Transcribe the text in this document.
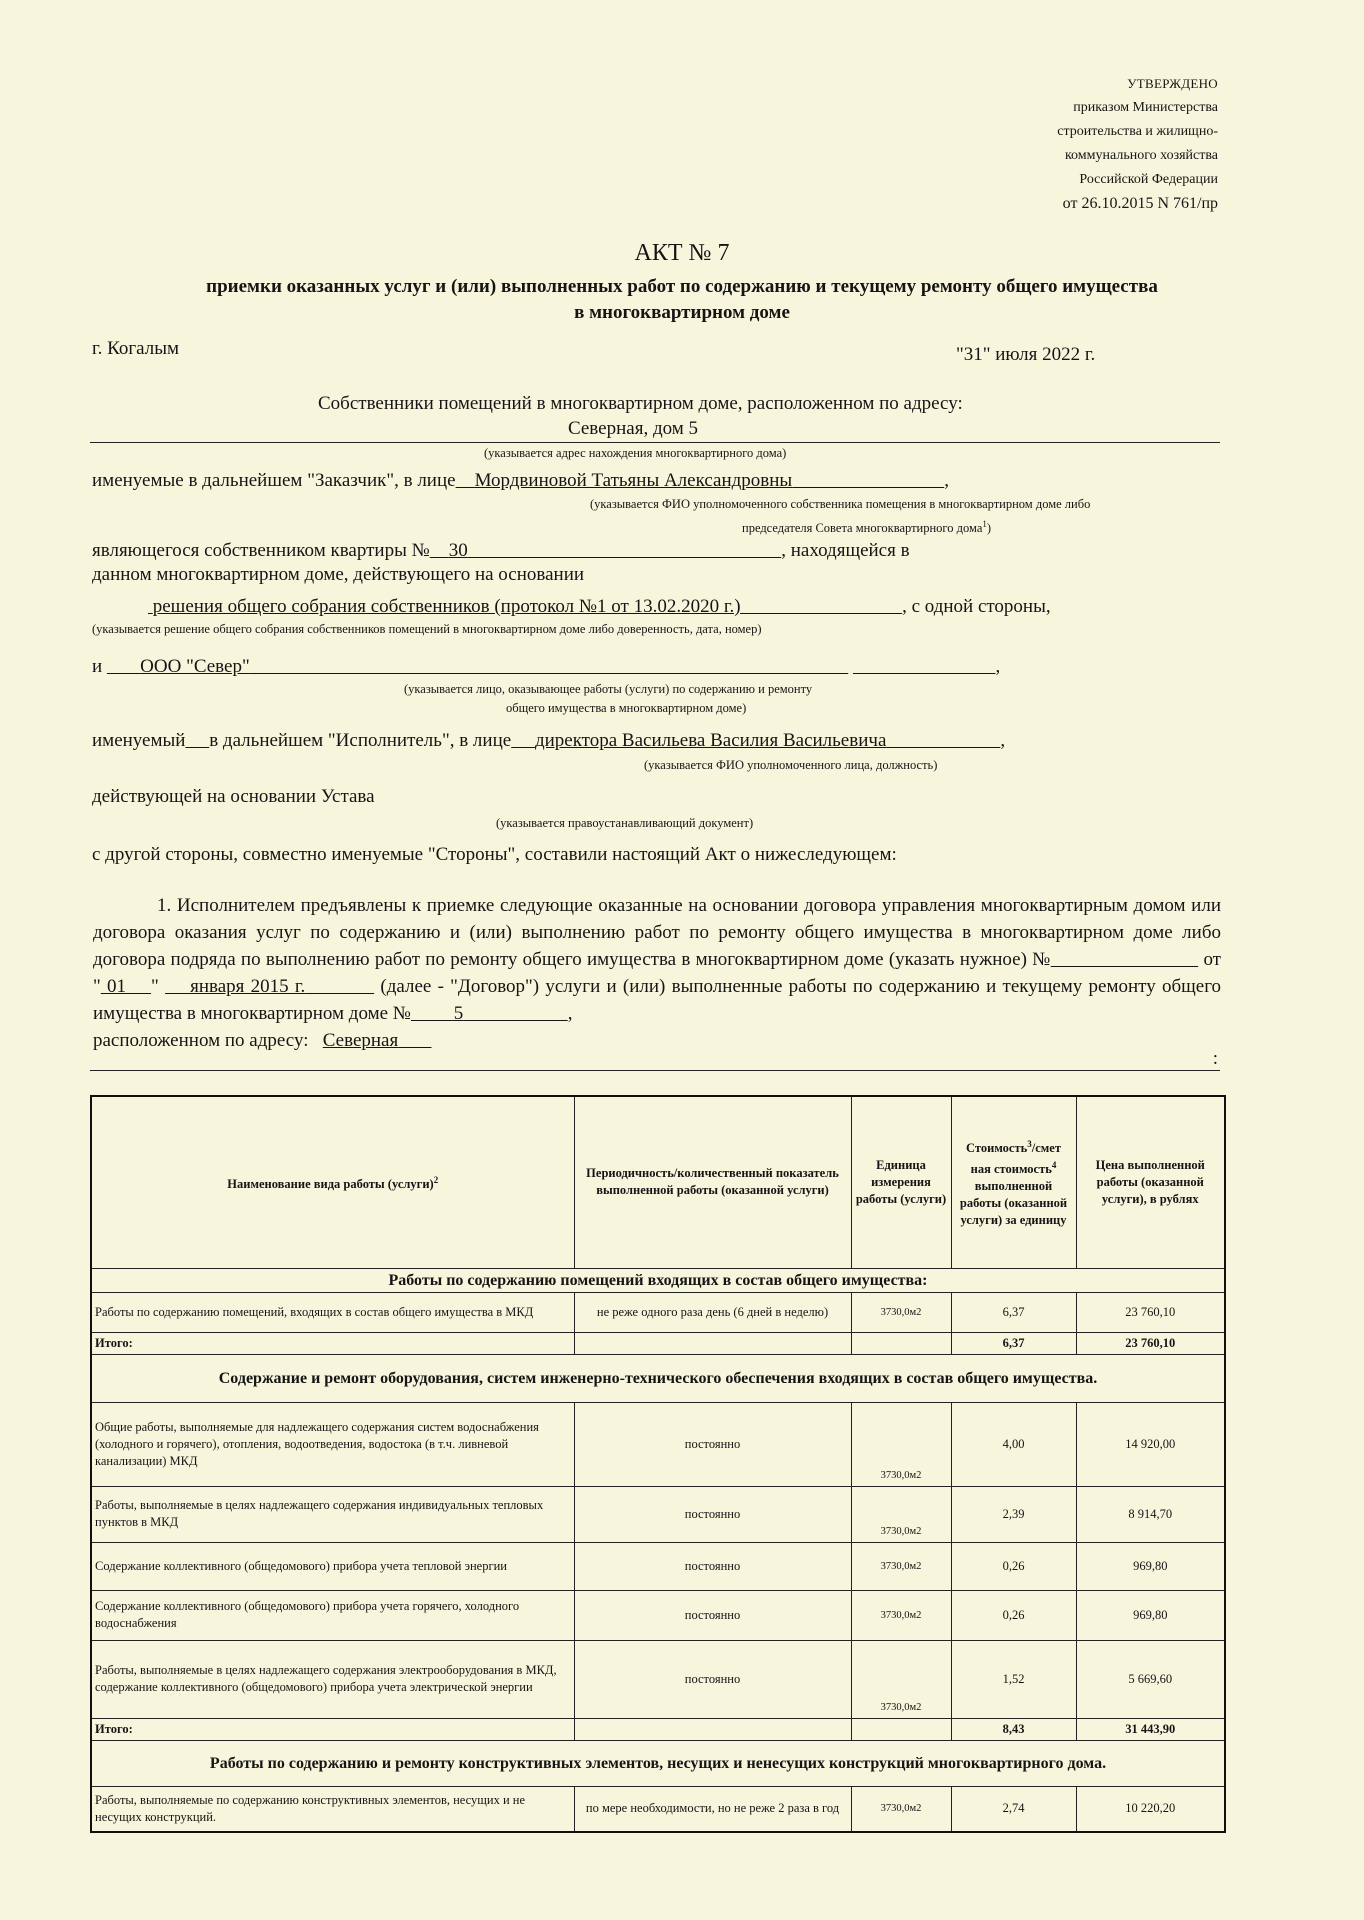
УТВЕРЖДЕНО
приказом Министерства
строительства и жилищно-
коммунального хозяйства
Российской Федерации
от 26.10.2015 N 761/пр
АКТ № 7
приемки оказанных услуг и (или) выполненных работ по содержанию и текущему ремонту общего имущества
в многоквартирном доме
г. Когалым	"31" июля 2022 г.
Собственники помещений в многоквартирном доме, расположенном по адресу:
Северная, дом 5
(указывается адрес нахождения многоквартирного дома)
именуемые в дальнейшем "Заказчик", в лице Мордвиновой Татьяны Александровны	,
(указывается ФИО уполномоченного собственника помещения в многоквартирном доме либо
председателя Совета многоквартирного дома$^1$)
являющегося собственником квартиры № 30	, находящейся в
данном многоквартирном доме, действующего на основании
решения общего собрания собственников (протокол №1 от 13.02.2020 г.)	, с одной стороны,
(указывается решение общего собрания собственников помещений в многоквартирном доме либо доверенность, дата, номер)
и ООО "Север"	,
(указывается лицо, оказывающее работы (услуги) по содержанию и ремонту
общего имущества в многоквартирном доме)
именуемый в дальнейшем "Исполнитель", в лице директора Васильева Василия Васильевича	,
(указывается ФИО уполномоченного лица, должность)
действующей на основании Устава
(указывается правоустанавливающий документ)
с другой стороны, совместно именуемые "Стороны", составили настоящий Акт о нижеследующем:

1. Исполнителем предъявлены к приемке следующие оказанные на основании договора управления многоквартирным домом или договора оказания услуг по содержанию и (или) выполнению работ по ремонту общего имущества в многоквартирном доме либо договора подряда по выполнению работ по ремонту общего имущества в многоквартирном доме (указать нужное) №	от " 01 " января 2015 г.	(далее - "Договор") услуги и (или) выполненные работы по содержанию и текущему ремонту общего имущества в многоквартирном доме № 5	,

расположенном по адресу: Северная
:
Наименование вида работы (услуги)$^2$	Периодичность/количественный показатель выполненной работы (оказанной услуги)	Единица измерения работы (услуги)	Стоимость$^3$/смет ная стоимость$^4$ выполненной работы (оказанной услуги) за единицу	Цена выполненной работы (оказанной услуги), в рублях
Работы по содержанию помещений входящих в состав общего имущества:				
Работы по содержанию помещений, входящих в состав общего имущества в МКД	не реже одного раза день (6 дней в неделю)	3730,0м2	6,37	23 760,10
Итого:			6,37	23 760,10
Содержание и ремонт оборудования, систем инженерно-технического обеспечения входящих в состав общего имущества.				
Общие работы, выполняемые для надлежащего содержания систем водоснабжения (холодного и горячего), отопления, водоотведения, водостока (в т.ч. ливневой канализации) МКД	постоянно	3730,0м2	4,00	14 920,00
Работы, выполняемые в целях надлежащего содержания индивидуальных тепловых пунктов в МКД	постоянно	3730,0м2	2,39	8 914,70
Содержание коллективного (общедомового) прибора учета тепловой энергии	постоянно	3730,0м2	0,26	969,80
Содержание коллективного (общедомового) прибора учета горячего, холодного водоснабжения	постоянно	3730,0м2	0,26	969,80
Работы, выполняемые в целях надлежащего содержания электрооборудования в МКД, содержание коллективного (общедомового) прибора учета электрической энергии	постоянно	3730,0м2	1,52	5 669,60
Итого:			8,43	31 443,90
Работы по содержанию и ремонту конструктивных элементов, несущих и ненесущих конструкций многоквартирного дома.				
Работы, выполняемые по содержанию конструктивных элементов, несущих и не несущих конструкций.	по мере необходимости, но не реже 2 раза в год	3730,0м2	2,74	10 220,20
